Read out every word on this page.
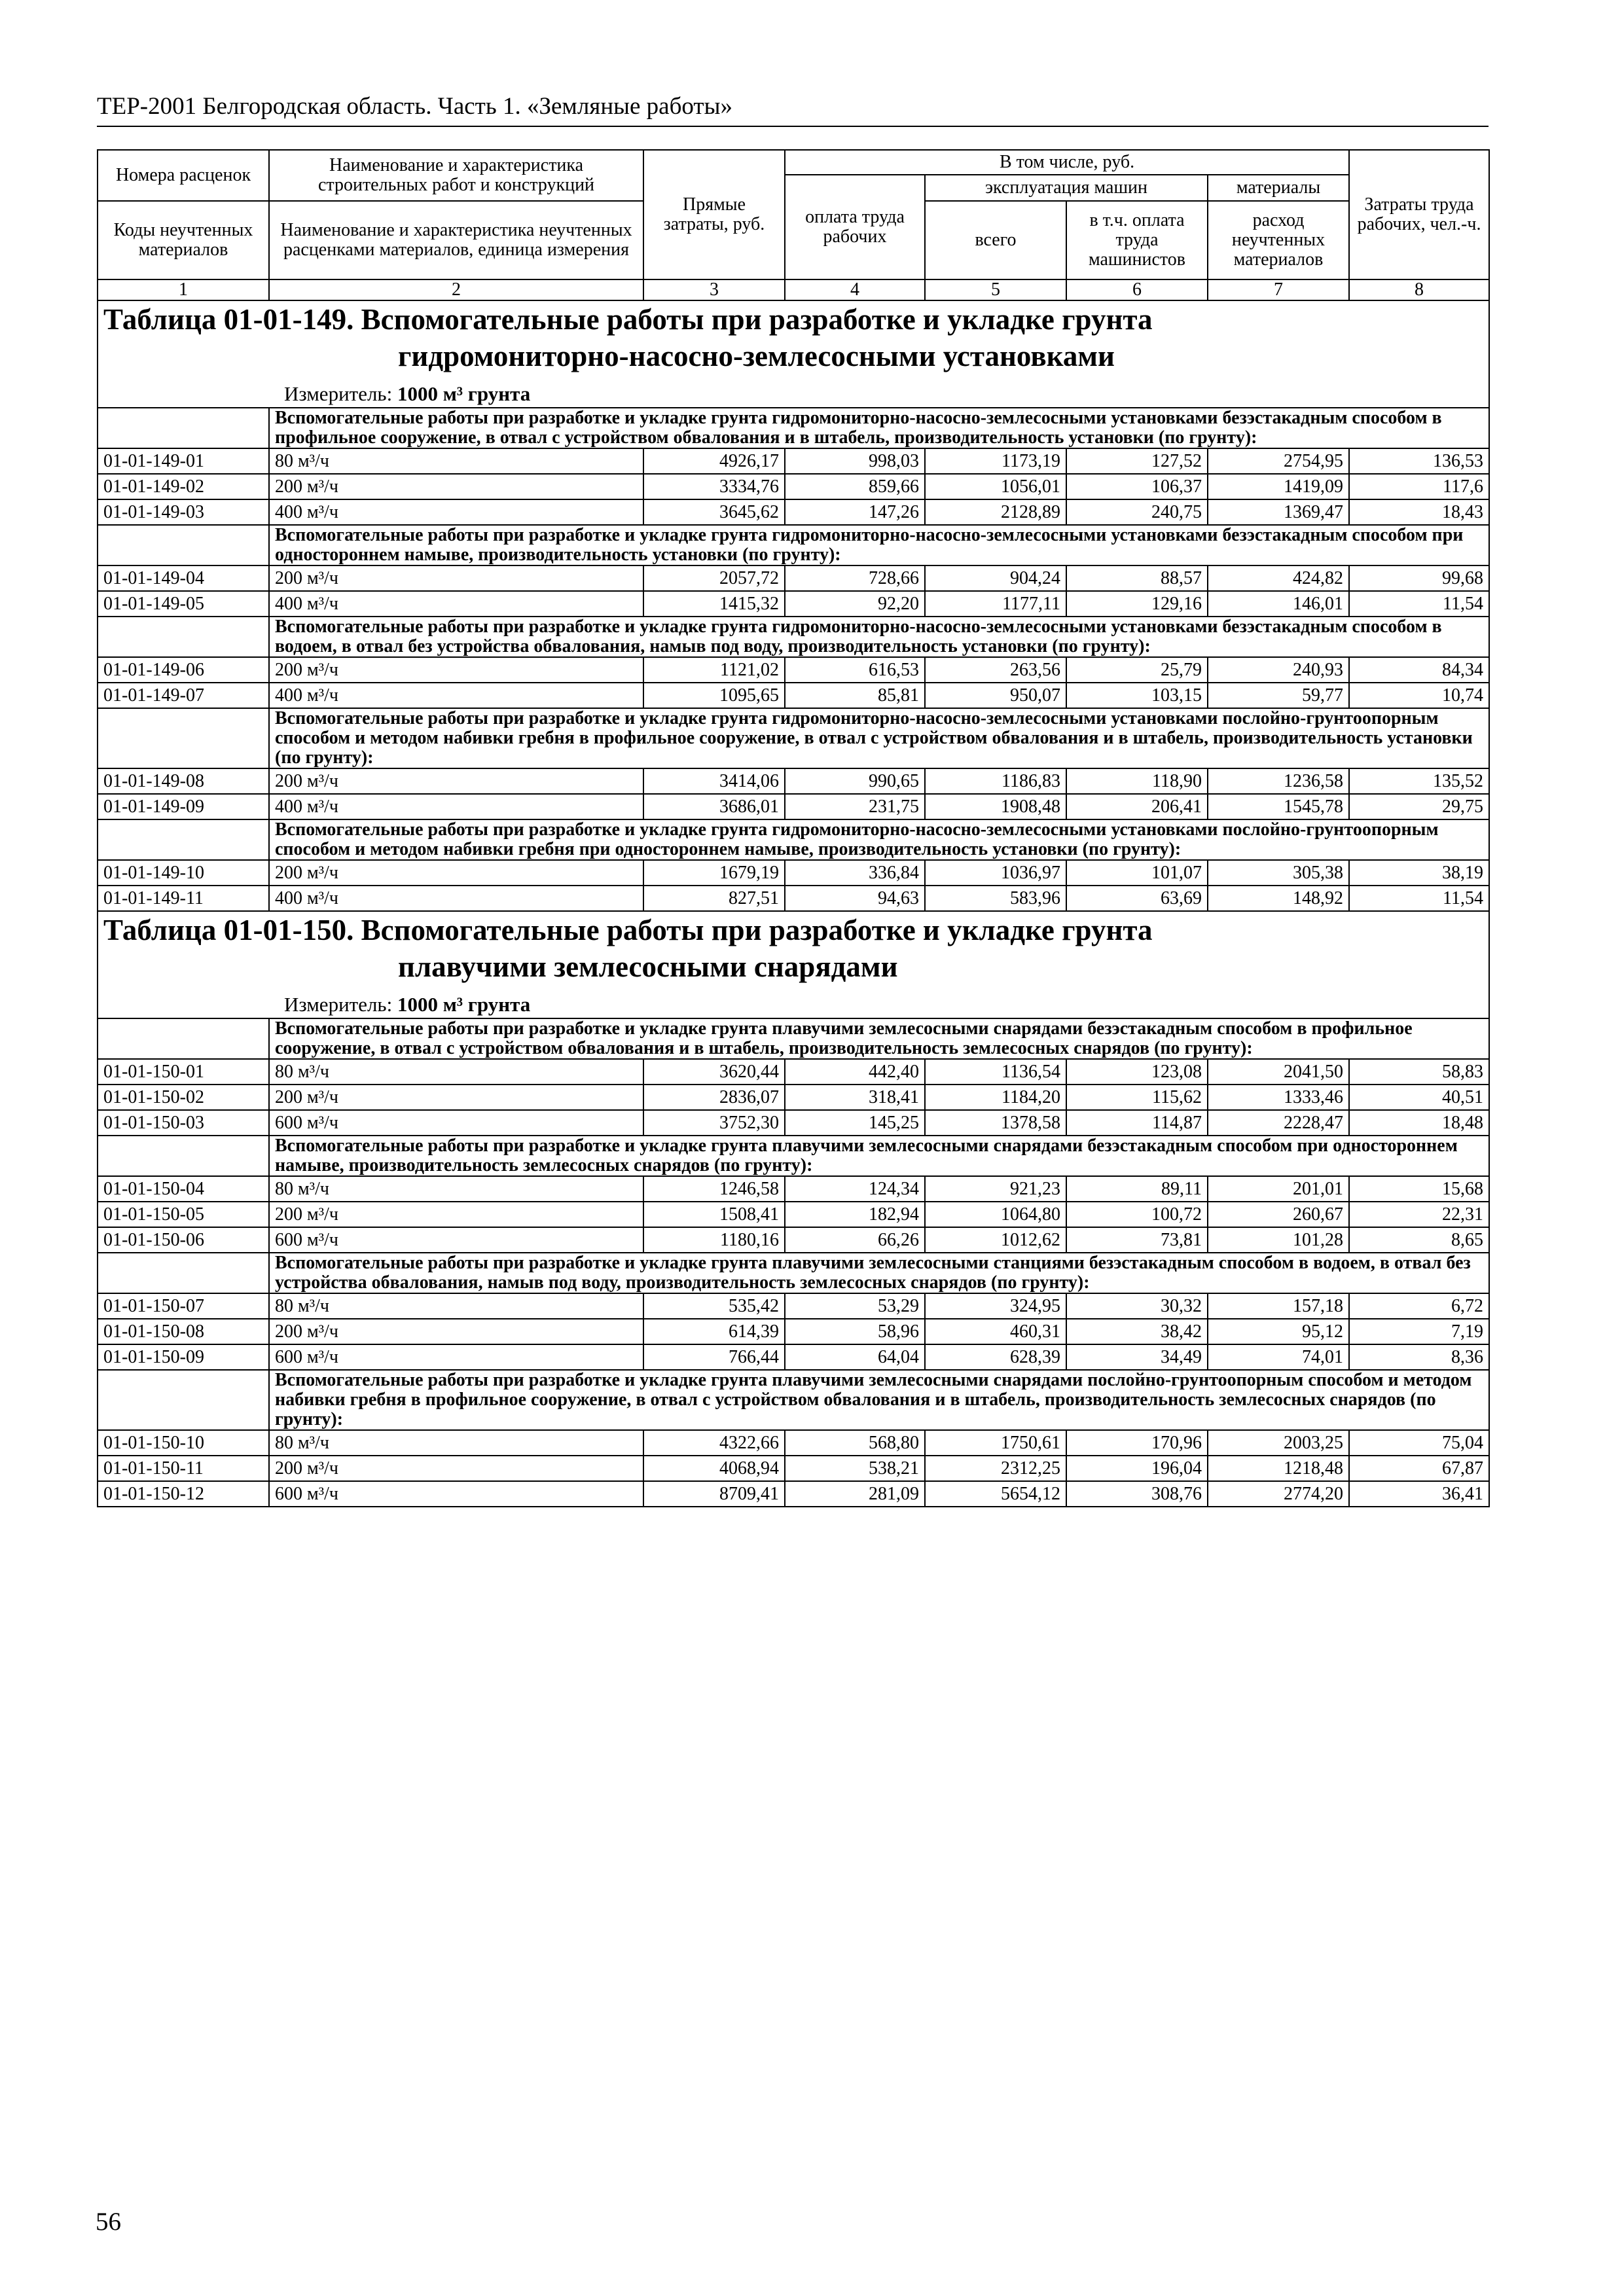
ТЕР-2001 Белгородская область. Часть 1. «Земляные работы»
Номера расценок	Наименование и характеристика строительных работ и конструкций	Прямые затраты, руб.	В том числе, руб.				Затраты труда рабочих, чел.-ч.
			оплата труда рабочих	эксплуатация машин		материалы	
Коды неучтенных материалов	Наименование и характеристика неучтенных расценками материалов, единица измерения			всего	в т.ч. оплата труда машинистов	расход неучтенных материалов	

1	2	3	4	5	6	7	8

Таблица 01-01-149. Вспомогательные работы при разработке и укладке грунта
гидромониторно-насосно-землесосными установками
Измеритель: 1000 м³ грунта							

	Вспомогательные работы при разработке и укладке грунта гидромониторно-насосно-землесосными установками безэстакадным способом в профильное сооружение, в отвал с устройством обвалования и в штабель, производительность установки (по грунту):						
01-01-149-01	80 м³/ч	4926,17	998,03	1173,19	127,52	2754,95	136,53
01-01-149-02	200 м³/ч	3334,76	859,66	1056,01	106,37	1419,09	117,6
01-01-149-03	400 м³/ч	3645,62	147,26	2128,89	240,75	1369,47	18,43
	Вспомогательные работы при разработке и укладке грунта гидромониторно-насосно-землесосными установками безэстакадным способом при одностороннем намыве, производительность установки (по грунту):						
01-01-149-04	200 м³/ч	2057,72	728,66	904,24	88,57	424,82	99,68
01-01-149-05	400 м³/ч	1415,32	92,20	1177,11	129,16	146,01	11,54
	Вспомогательные работы при разработке и укладке грунта гидромониторно-насосно-землесосными установками безэстакадным способом в водоем, в отвал без устройства обвалования, намыв под воду, производительность установки (по грунту):						
01-01-149-06	200 м³/ч	1121,02	616,53	263,56	25,79	240,93	84,34
01-01-149-07	400 м³/ч	1095,65	85,81	950,07	103,15	59,77	10,74
	Вспомогательные работы при разработке и укладке грунта гидромониторно-насосно-землесосными установками послойно-грунтоопорным способом и методом набивки гребня в профильное сооружение, в отвал с устройством обвалования и в штабель, производительность установки (по грунту):						
01-01-149-08	200 м³/ч	3414,06	990,65	1186,83	118,90	1236,58	135,52
01-01-149-09	400 м³/ч	3686,01	231,75	1908,48	206,41	1545,78	29,75
	Вспомогательные работы при разработке и укладке грунта гидромониторно-насосно-землесосными установками послойно-грунтоопорным способом и методом набивки гребня при одностороннем намыве, производительность установки (по грунту):						
01-01-149-10	200 м³/ч	1679,19	336,84	1036,97	101,07	305,38	38,19
01-01-149-11	400 м³/ч	827,51	94,63	583,96	63,69	148,92	11,54

Таблица 01-01-150. Вспомогательные работы при разработке и укладке грунта
плавучими землесосными снарядами
Измеритель: 1000 м³ грунта							

	Вспомогательные работы при разработке и укладке грунта плавучими землесосными снарядами безэстакадным способом в профильное сооружение, в отвал с устройством обвалования и в штабель, производительность землесосных снарядов (по грунту):						
01-01-150-01	80 м³/ч	3620,44	442,40	1136,54	123,08	2041,50	58,83
01-01-150-02	200 м³/ч	2836,07	318,41	1184,20	115,62	1333,46	40,51
01-01-150-03	600 м³/ч	3752,30	145,25	1378,58	114,87	2228,47	18,48
	Вспомогательные работы при разработке и укладке грунта плавучими землесосными снарядами безэстакадным способом при одностороннем намыве, производительность землесосных снарядов (по грунту):						
01-01-150-04	80 м³/ч	1246,58	124,34	921,23	89,11	201,01	15,68
01-01-150-05	200 м³/ч	1508,41	182,94	1064,80	100,72	260,67	22,31
01-01-150-06	600 м³/ч	1180,16	66,26	1012,62	73,81	101,28	8,65
	Вспомогательные работы при разработке и укладке грунта плавучими землесосными станциями безэстакадным способом в водоем, в отвал без устройства обвалования, намыв под воду, производительность землесосных снарядов (по грунту):						
01-01-150-07	80 м³/ч	535,42	53,29	324,95	30,32	157,18	6,72
01-01-150-08	200 м³/ч	614,39	58,96	460,31	38,42	95,12	7,19
01-01-150-09	600 м³/ч	766,44	64,04	628,39	34,49	74,01	8,36
	Вспомогательные работы при разработке и укладке грунта плавучими землесосными снарядами послойно-грунтоопорным способом и методом набивки гребня в профильное сооружение, в отвал с устройством обвалования и в штабель, производительность землесосных снарядов (по грунту):						
01-01-150-10	80 м³/ч	4322,66	568,80	1750,61	170,96	2003,25	75,04
01-01-150-11	200 м³/ч	4068,94	538,21	2312,25	196,04	1218,48	67,87
01-01-150-12	600 м³/ч	8709,41	281,09	5654,12	308,76	2774,20	36,41
56
